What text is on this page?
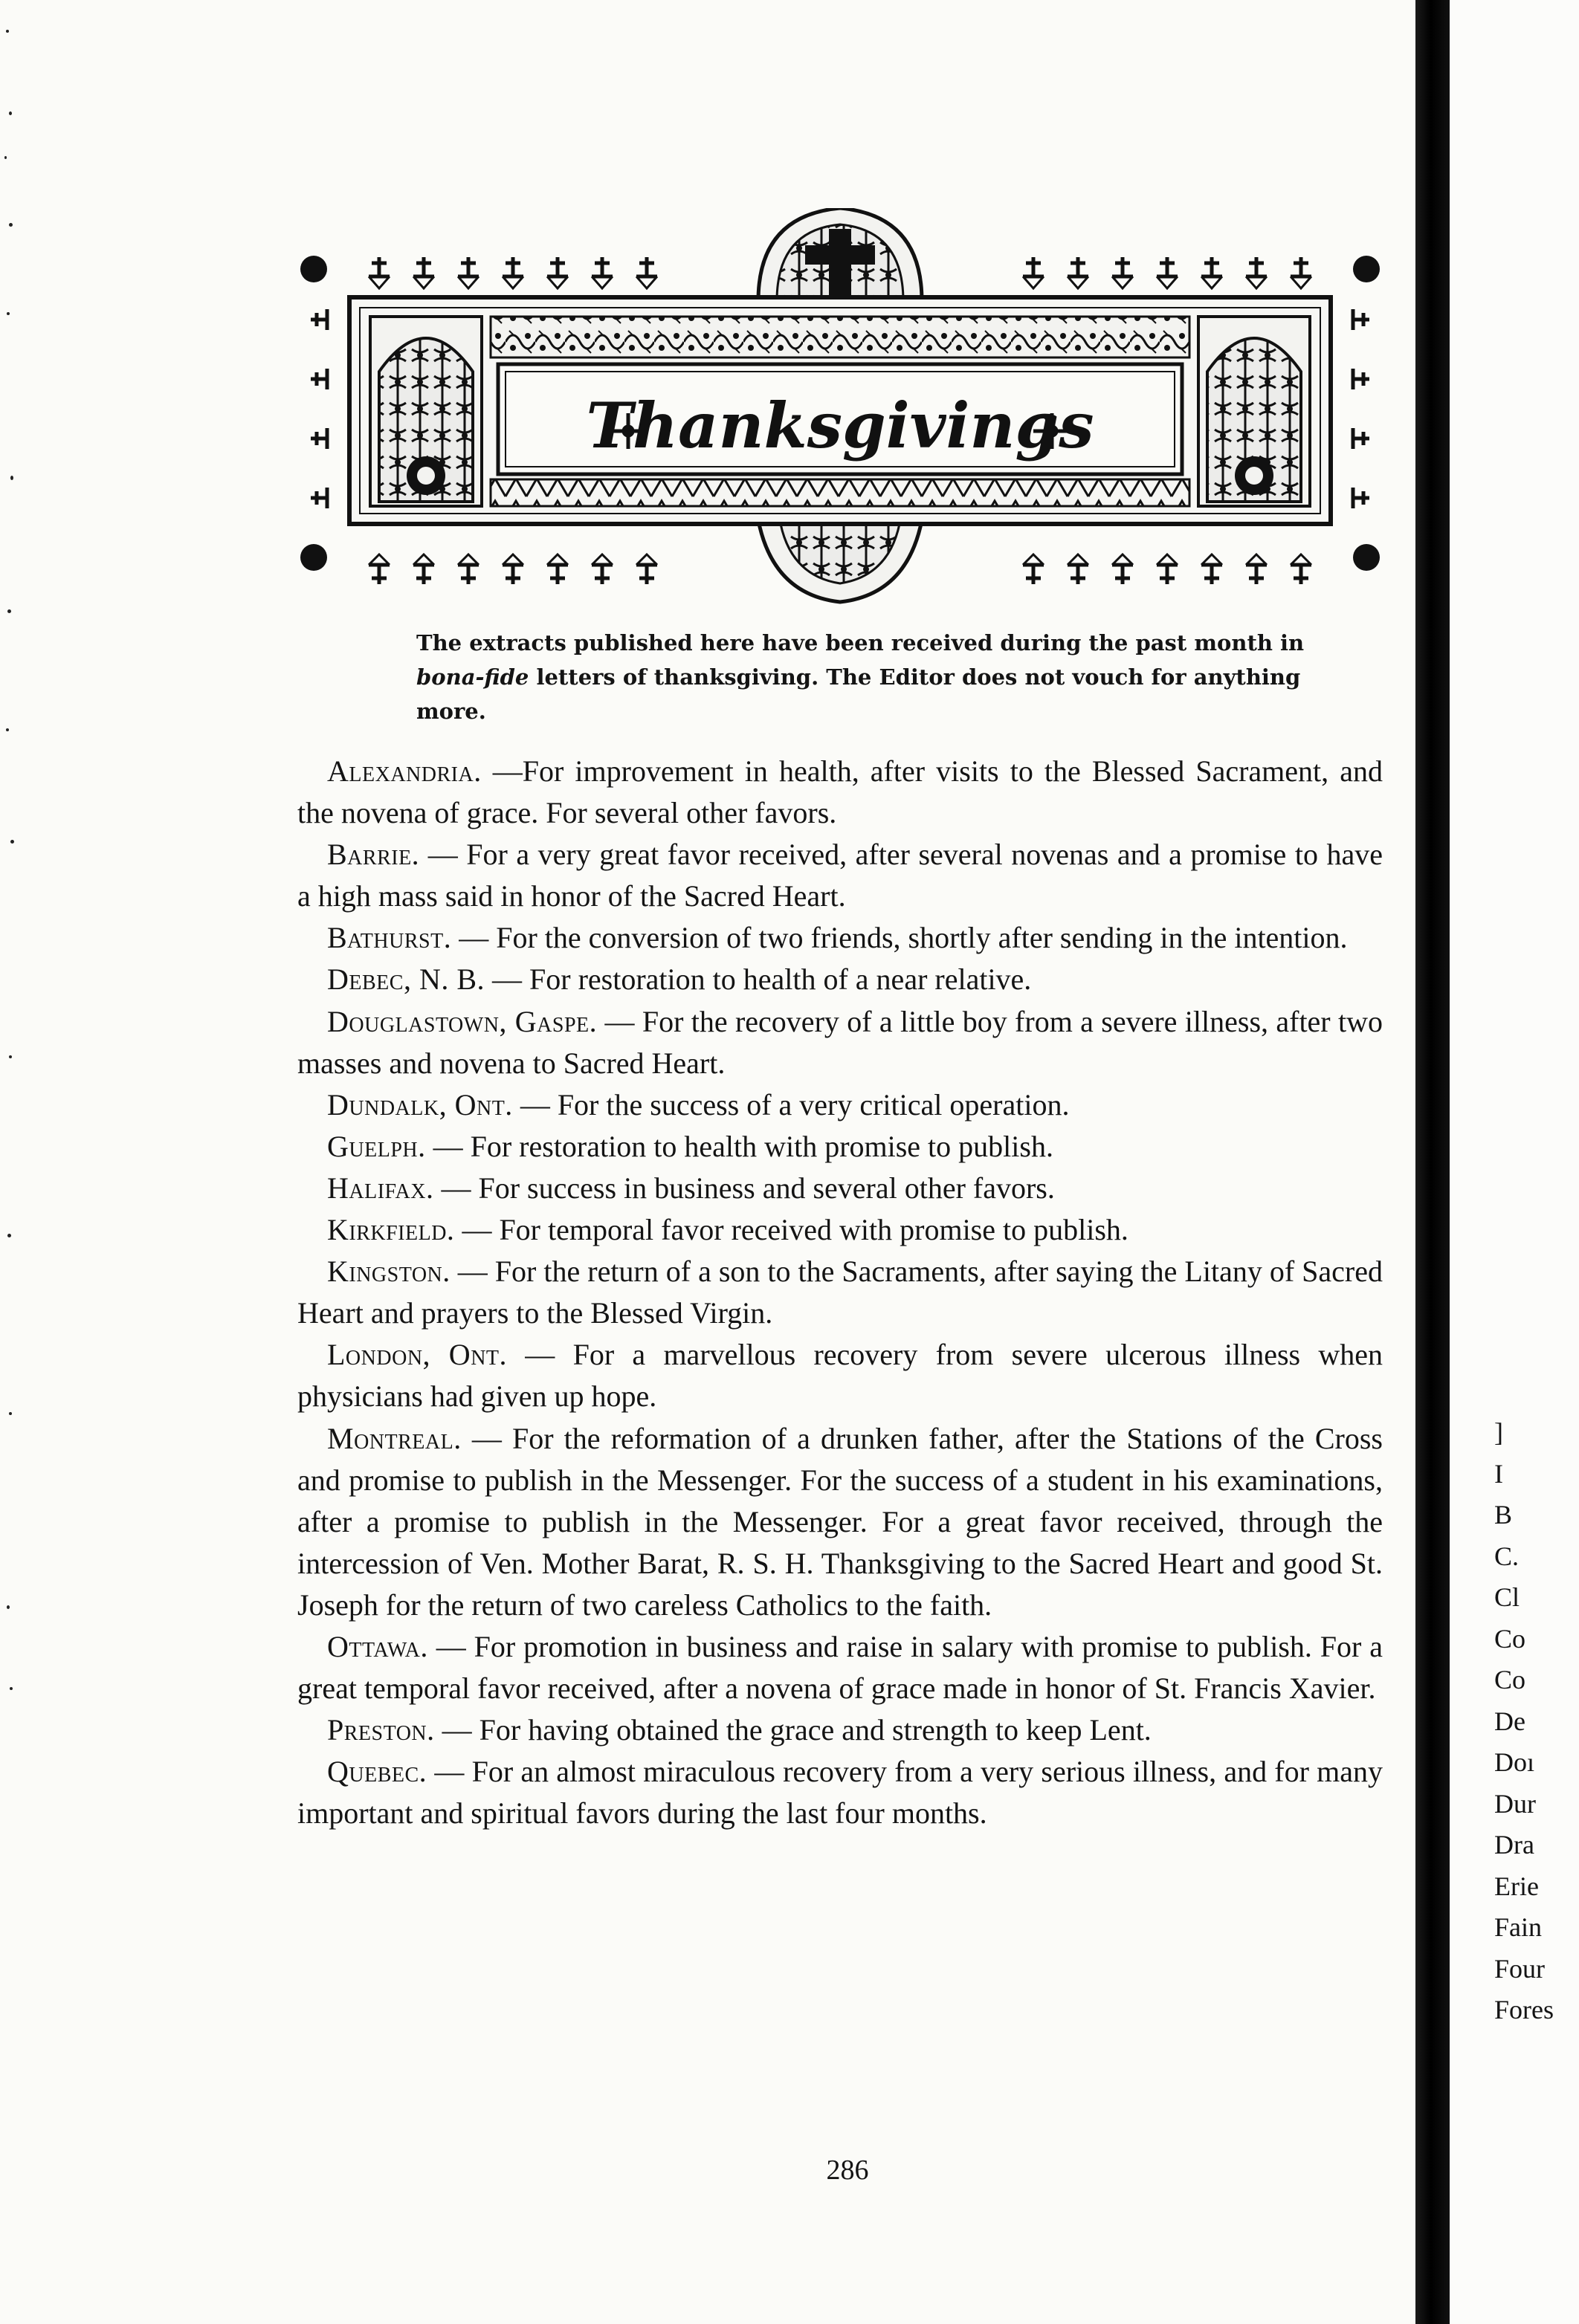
Thanksgivings
The extracts published here have been received during the past month in bona-fide letters of thanksgiving. The Editor does not vouch for anything more.

Alexandria. —For improvement in health, after visits to the Blessed Sacrament, and the novena of grace. For several other favors.

Barrie. — For a very great favor received, after several novenas and a promise to have a high mass said in honor of the Sacred Heart.

Bathurst. — For the conversion of two friends, shortly after sending in the intention.

Debec, N. B. — For restoration to health of a near relative.

Douglastown, Gaspe. — For the recovery of a little boy from a severe illness, after two masses and novena to Sacred Heart.

Dundalk, Ont. — For the success of a very critical operation.

Guelph. — For restoration to health with promise to publish.

Halifax. — For success in business and several other favors.

Kirkfield. — For temporal favor received with promise to publish.

Kingston. — For the return of a son to the Sacraments, after saying the Litany of Sacred Heart and prayers to the Blessed Virgin.

London, Ont. — For a marvellous recovery from severe ulcerous illness when physicians had given up hope.

Montreal. — For the reformation of a drunken father, after the Stations of the Cross and promise to publish in the Messenger. For the success of a student in his examinations, after a promise to publish in the Messenger. For a great favor received, through the intercession of Ven. Mother Barat, R. S. H. Thanksgiving to the Sacred Heart and good St. Joseph for the return of two careless Catholics to the faith.

Ottawa. — For promotion in business and raise in salary with promise to publish. For a great temporal favor received, after a novena of grace made in honor of St. Francis Xavier.

Preston. — For having obtained the grace and strength to keep Lent.

Quebec. — For an almost miraculous recovery from a very serious illness, and for many important and spiritual favors during the last four months.

286
]
I
B
C.
Cl
Co
Co
De
Doı
Dur
Dra
Erie
Fain
Four
Fores
